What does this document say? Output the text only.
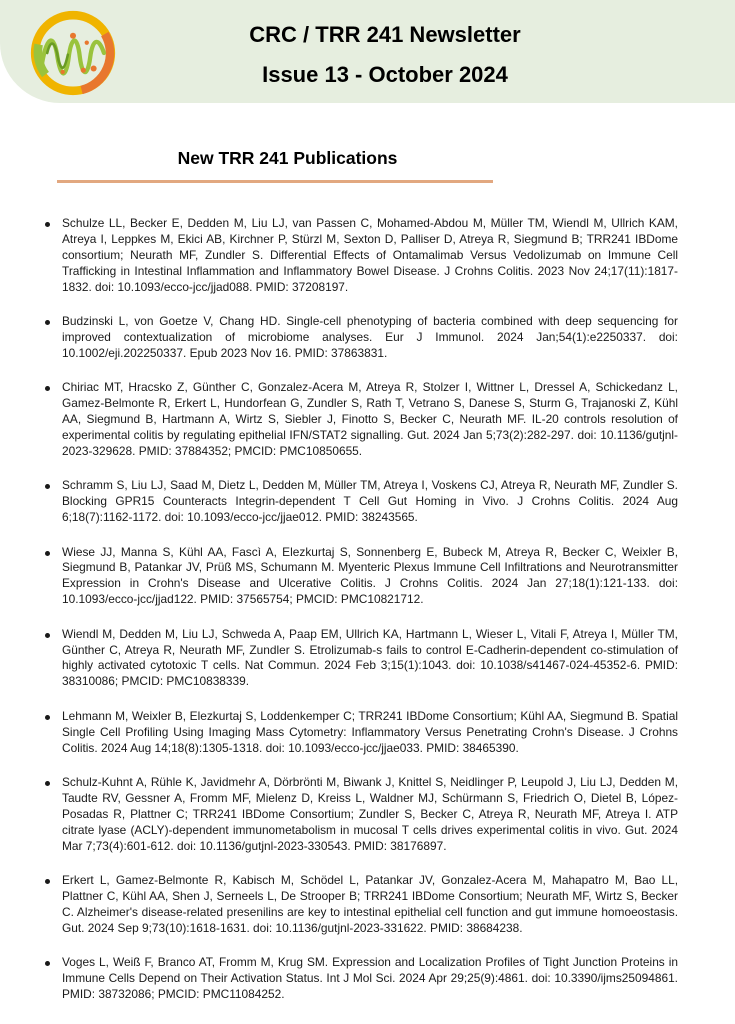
CRC / TRR 241 Newsletter
Issue 13 - October 2024
New TRR 241 Publications
Schulze LL, Becker E, Dedden M, Liu LJ, van Passen C, Mohamed-Abdou M, Müller TM, Wiendl M, Ullrich KAM, Atreya I, Leppkes M, Ekici AB, Kirchner P, Stürzl M, Sexton D, Palliser D, Atreya R, Siegmund B; TRR241 IBDome consortium; Neurath MF, Zundler S. Differential Effects of Ontamalimab Versus Vedolizumab on Immune Cell Trafficking in Intestinal Inflammation and Inflammatory Bowel Disease. J Crohns Colitis. 2023 Nov 24;17(11):1817-1832. doi: 10.1093/ecco-jcc/jjad088. PMID: 37208197.
Budzinski L, von Goetze V, Chang HD. Single-cell phenotyping of bacteria combined with deep sequencing for improved contextualization of microbiome analyses. Eur J Immunol. 2024 Jan;54(1):e2250337. doi: 10.1002/eji.202250337. Epub 2023 Nov 16. PMID: 37863831.
Chiriac MT, Hracsko Z, Günther C, Gonzalez-Acera M, Atreya R, Stolzer I, Wittner L, Dressel A, Schickedanz L, Gamez-Belmonte R, Erkert L, Hundorfean G, Zundler S, Rath T, Vetrano S, Danese S, Sturm G, Trajanoski Z, Kühl AA, Siegmund B, Hartmann A, Wirtz S, Siebler J, Finotto S, Becker C, Neurath MF. IL-20 controls resolution of experimental colitis by regulating epithelial IFN/STAT2 signalling. Gut. 2024 Jan 5;73(2):282-297. doi: 10.1136/gutjnl-2023-329628. PMID: 37884352; PMCID: PMC10850655.
Schramm S, Liu LJ, Saad M, Dietz L, Dedden M, Müller TM, Atreya I, Voskens CJ, Atreya R, Neurath MF, Zundler S. Blocking GPR15 Counteracts Integrin-dependent T Cell Gut Homing in Vivo. J Crohns Colitis. 2024 Aug 6;18(7):1162-1172. doi: 10.1093/ecco-jcc/jjae012. PMID: 38243565.
Wiese JJ, Manna S, Kühl AA, Fascì A, Elezkurtaj S, Sonnenberg E, Bubeck M, Atreya R, Becker C, Weixler B, Siegmund B, Patankar JV, Prüß MS, Schumann M. Myenteric Plexus Immune Cell Infiltrations and Neurotransmitter Expression in Crohn's Disease and Ulcerative Colitis. J Crohns Colitis. 2024 Jan 27;18(1):121-133. doi: 10.1093/ecco-jcc/jjad122. PMID: 37565754; PMCID: PMC10821712.
Wiendl M, Dedden M, Liu LJ, Schweda A, Paap EM, Ullrich KA, Hartmann L, Wieser L, Vitali F, Atreya I, Müller TM, Günther C, Atreya R, Neurath MF, Zundler S. Etrolizumab-s fails to control E-Cadherin-dependent co-stimulation of highly activated cytotoxic T cells. Nat Commun. 2024 Feb 3;15(1):1043. doi: 10.1038/s41467-024-45352-6. PMID: 38310086; PMCID: PMC10838339.
Lehmann M, Weixler B, Elezkurtaj S, Loddenkemper C; TRR241 IBDome Consortium; Kühl AA, Siegmund B. Spatial Single Cell Profiling Using Imaging Mass Cytometry: Inflammatory Versus Penetrating Crohn's Disease. J Crohns Colitis. 2024 Aug 14;18(8):1305-1318. doi: 10.1093/ecco-jcc/jjae033. PMID: 38465390.
Schulz-Kuhnt A, Rühle K, Javidmehr A, Dörbrönti M, Biwank J, Knittel S, Neidlinger P, Leupold J, Liu LJ, Dedden M, Taudte RV, Gessner A, Fromm MF, Mielenz D, Kreiss L, Waldner MJ, Schürmann S, Friedrich O, Dietel B, López-Posadas R, Plattner C; TRR241 IBDome Consortium; Zundler S, Becker C, Atreya R, Neurath MF, Atreya I. ATP citrate lyase (ACLY)-dependent immunometabolism in mucosal T cells drives experimental colitis in vivo. Gut. 2024 Mar 7;73(4):601-612. doi: 10.1136/gutjnl-2023-330543. PMID: 38176897.
Erkert L, Gamez-Belmonte R, Kabisch M, Schödel L, Patankar JV, Gonzalez-Acera M, Mahapatro M, Bao LL, Plattner C, Kühl AA, Shen J, Serneels L, De Strooper B; TRR241 IBDome Consortium; Neurath MF, Wirtz S, Becker C. Alzheimer's disease-related presenilins are key to intestinal epithelial cell function and gut immune homoeostasis. Gut. 2024 Sep 9;73(10):1618-1631. doi: 10.1136/gutjnl-2023-331622. PMID: 38684238.
Voges L, Weiß F, Branco AT, Fromm M, Krug SM. Expression and Localization Profiles of Tight Junction Proteins in Immune Cells Depend on Their Activation Status. Int J Mol Sci. 2024 Apr 29;25(9):4861. doi: 10.3390/ijms25094861. PMID: 38732086; PMCID: PMC11084252.
